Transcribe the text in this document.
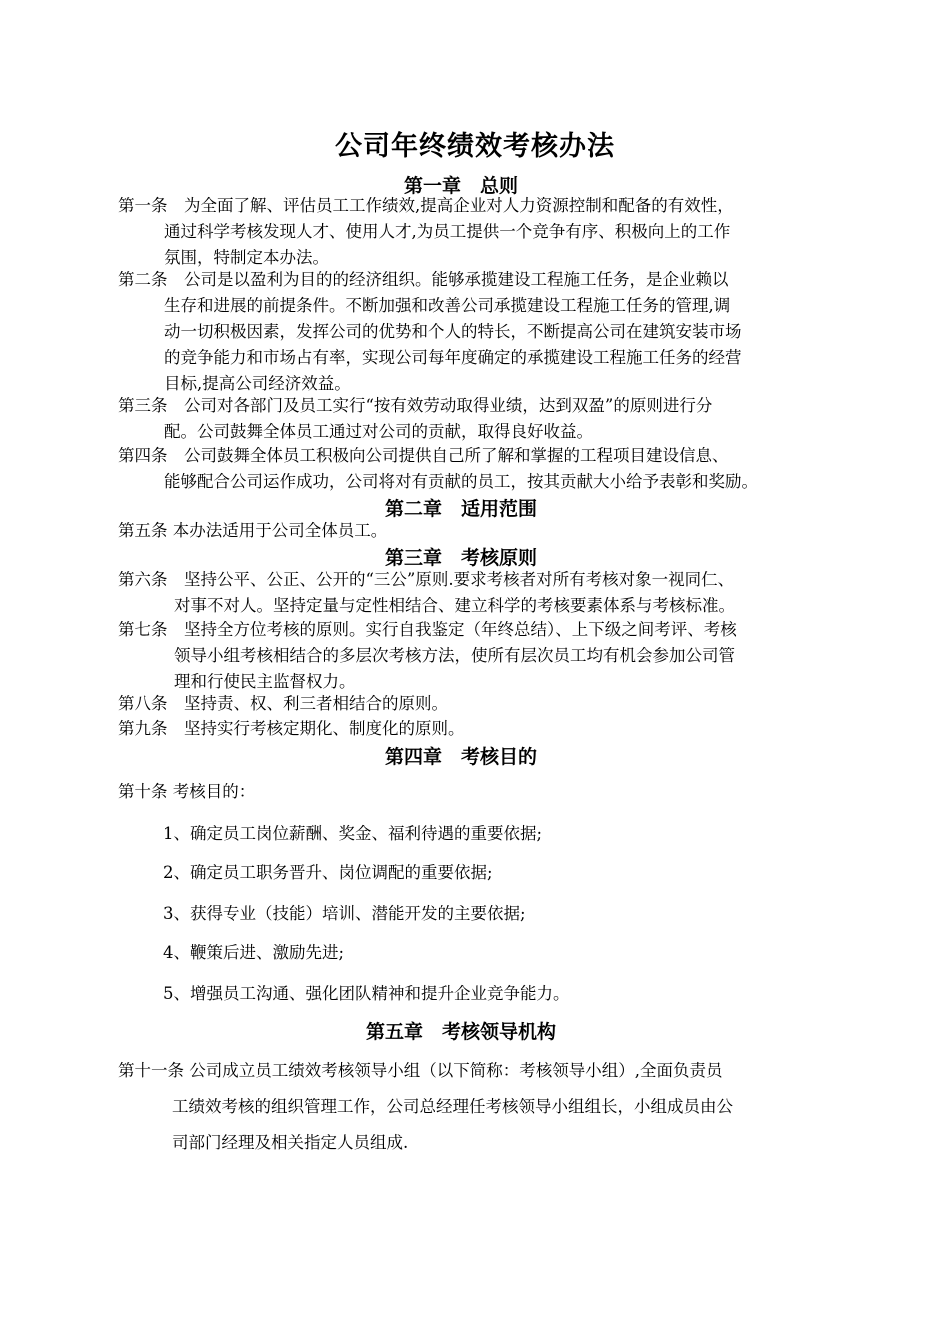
公司年终绩效考核办法
第一章　总则
第一条　为全面了解、评估员工工作绩效,提高企业对人力资源控制和配备的有效性，
通过科学考核发现人才、使用人才,为员工提供一个竞争有序、积极向上的工作
氛围，特制定本办法。
第二条　公司是以盈利为目的的经济组织。能够承揽建设工程施工任务，是企业赖以
生存和进展的前提条件。不断加强和改善公司承揽建设工程施工任务的管理,调
动一切积极因素，发挥公司的优势和个人的特长，不断提高公司在建筑安装市场
的竞争能力和市场占有率，实现公司每年度确定的承揽建设工程施工任务的经营
目标,提高公司经济效益。
第三条　公司对各部门及员工实行“按有效劳动取得业绩，达到双盈”的原则进行分
配。公司鼓舞全体员工通过对公司的贡献，取得良好收益。
第四条　公司鼓舞全体员工积极向公司提供自己所了解和掌握的工程项目建设信息、
能够配合公司运作成功，公司将对有贡献的员工，按其贡献大小给予表彰和奖励。
第二章　适用范围
第五条 本办法适用于公司全体员工。
第三章　考核原则
第六条　坚持公平、公正、公开的“三公”原则.要求考核者对所有考核对象一视同仁、
对事不对人。坚持定量与定性相结合、建立科学的考核要素体系与考核标准。
第七条　坚持全方位考核的原则。实行自我鉴定（年终总结）、上下级之间考评、考核
领导小组考核相结合的多层次考核方法，使所有层次员工均有机会参加公司管
理和行使民主监督权力。
第八条　坚持责、权、利三者相结合的原则。
第九条　坚持实行考核定期化、制度化的原则。
第四章　考核目的
第十条 考核目的：
1、确定员工岗位薪酬、奖金、福利待遇的重要依据;
2、确定员工职务晋升、岗位调配的重要依据;
3、获得专业（技能）培训、潜能开发的主要依据;
4、鞭策后进、激励先进;
5、增强员工沟通、强化团队精神和提升企业竞争能力。
第五章　考核领导机构
第十一条 公司成立员工绩效考核领导小组（以下简称：考核领导小组）,全面负责员
工绩效考核的组织管理工作，公司总经理任考核领导小组组长，小组成员由公
司部门经理及相关指定人员组成.
